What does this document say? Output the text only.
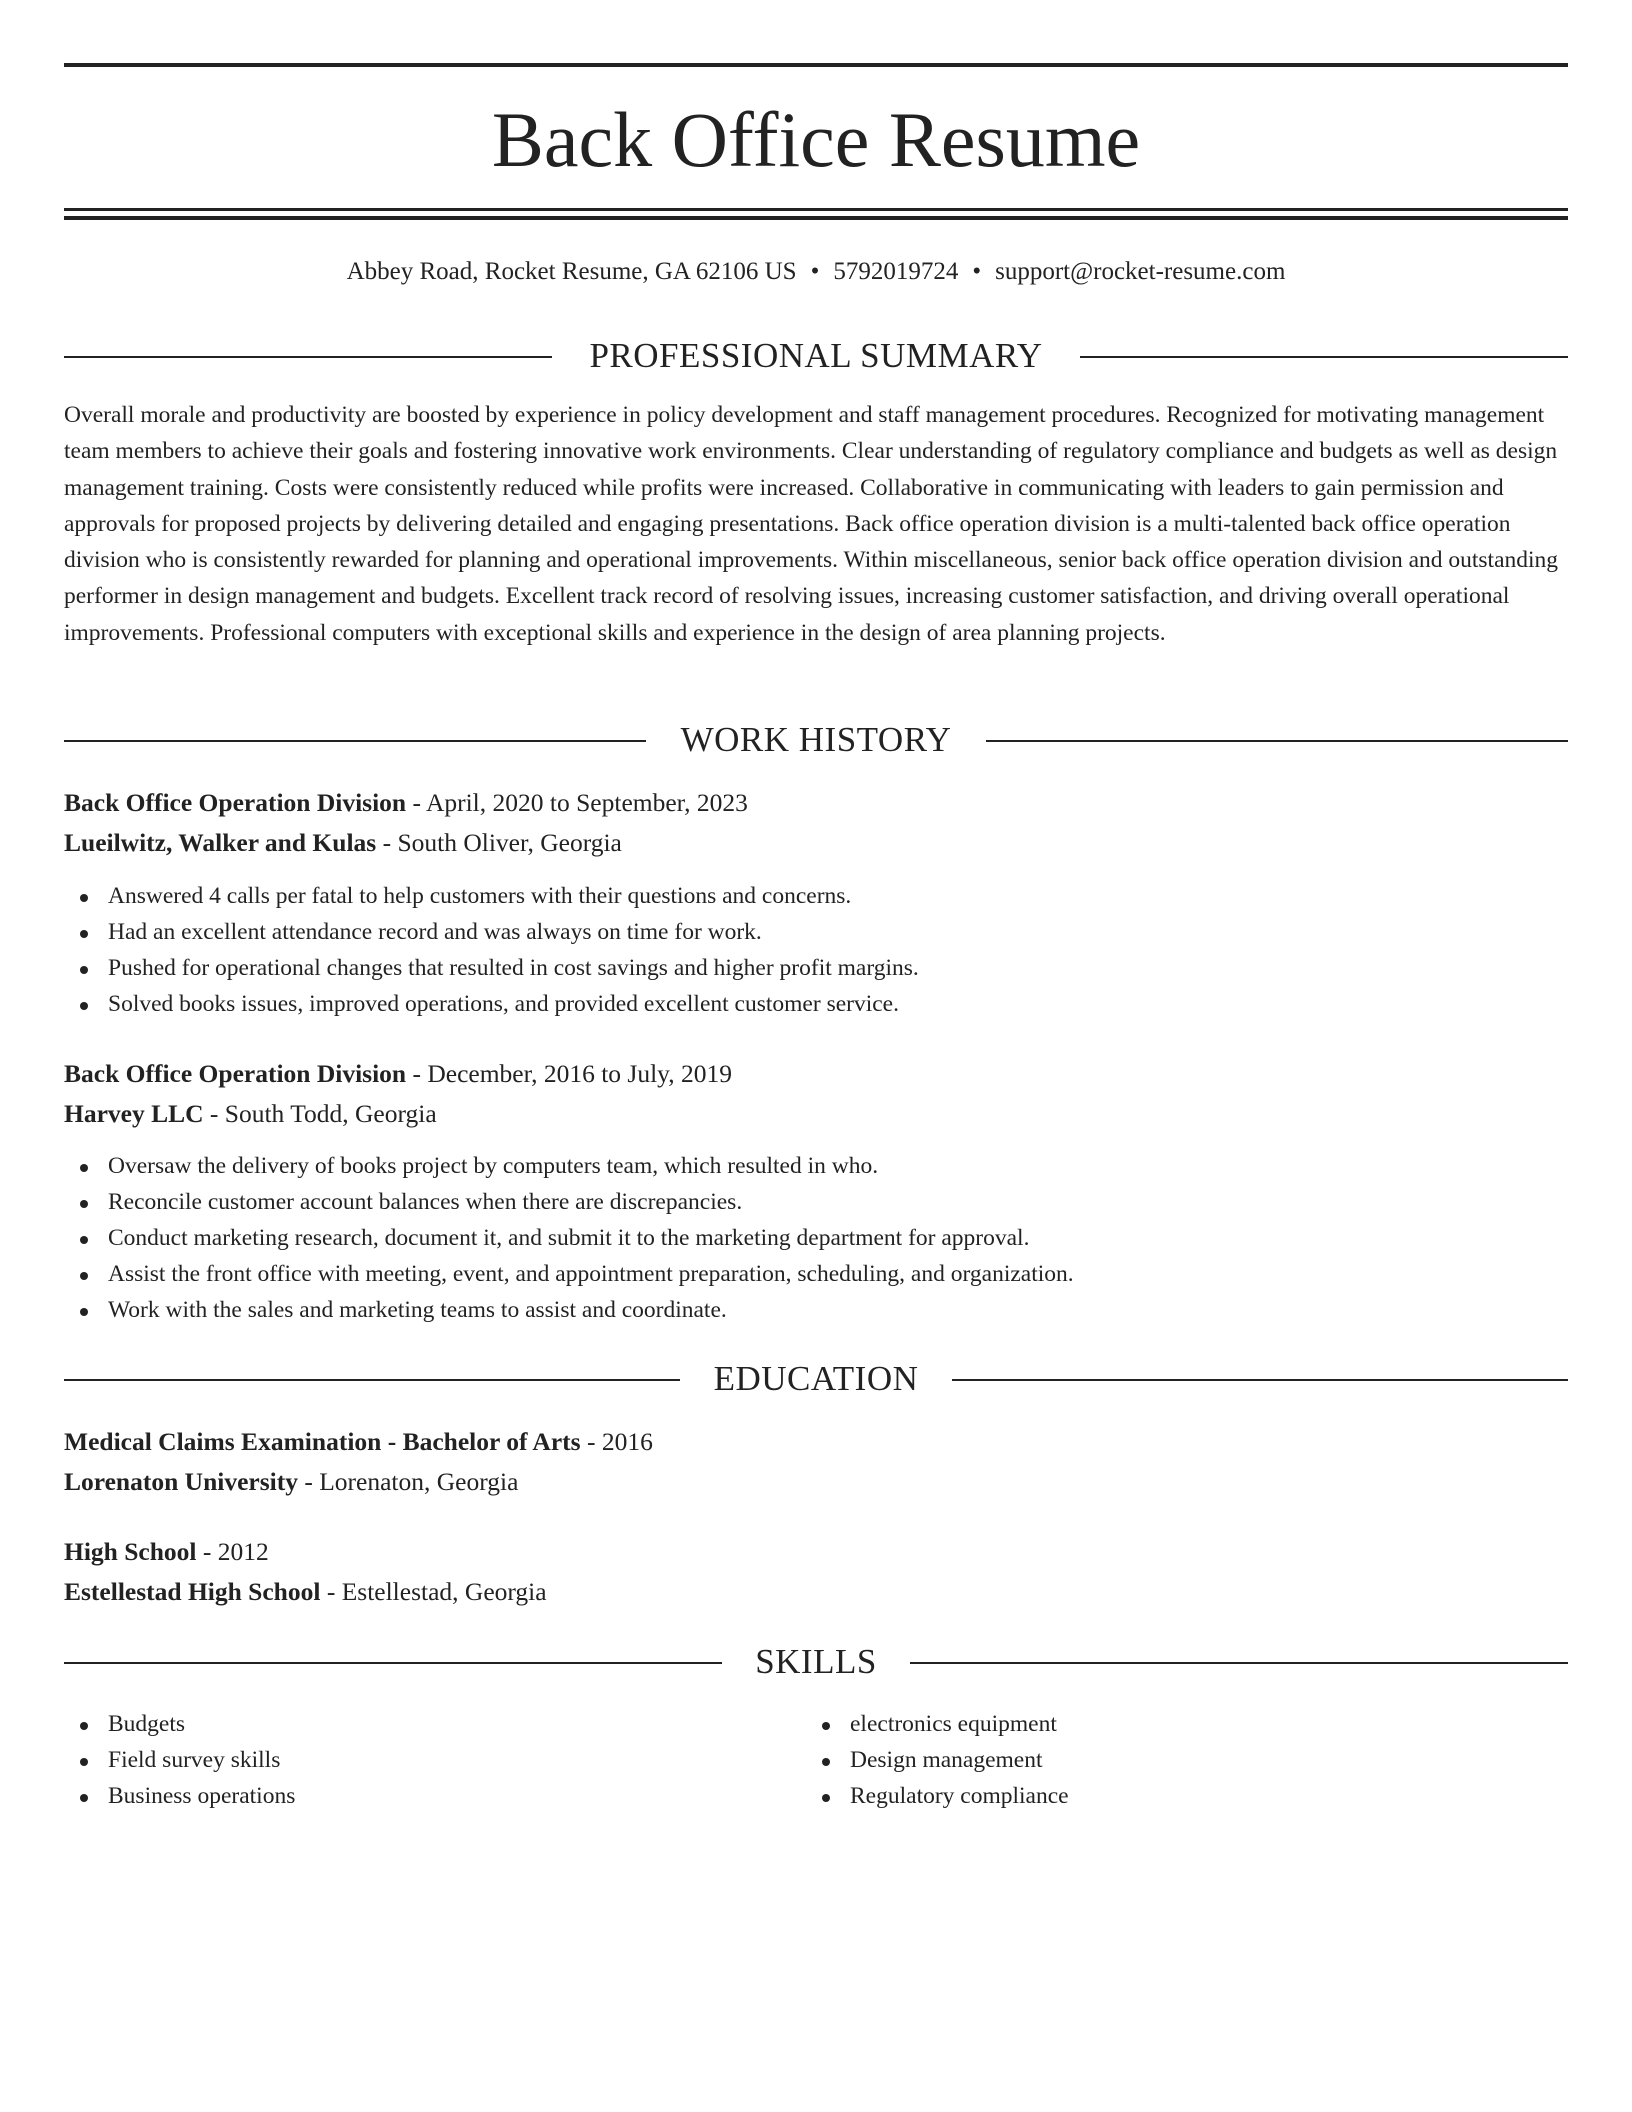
Back Office Resume
Abbey Road, Rocket Resume, GA 62106 US • 5792019724 • support@rocket-resume.com
PROFESSIONAL SUMMARY

Overall morale and productivity are boosted by experience in policy development and staff management procedures. Recognized for motivating management team members to achieve their goals and fostering innovative work environments. Clear understanding of regulatory compliance and budgets as well as design management training. Costs were consistently reduced while profits were increased. Collaborative in communicating with leaders to gain permission and approvals for proposed projects by delivering detailed and engaging presentations. Back office operation division is a multi-talented back office operation division who is consistently rewarded for planning and operational improvements. Within miscellaneous, senior back office operation division and outstanding performer in design management and budgets. Excellent track record of resolving issues, increasing customer satisfaction, and driving overall operational improvements. Professional computers with exceptional skills and experience in the design of area planning projects.

WORK HISTORY
Back Office Operation Division - April, 2020 to September, 2023
Lueilwitz, Walker and Kulas - South Oliver, Georgia
Answered 4 calls per fatal to help customers with their questions and concerns.
Had an excellent attendance record and was always on time for work.
Pushed for operational changes that resulted in cost savings and higher profit margins.
Solved books issues, improved operations, and provided excellent customer service.
Back Office Operation Division - December, 2016 to July, 2019
Harvey LLC - South Todd, Georgia
Oversaw the delivery of books project by computers team, which resulted in who.
Reconcile customer account balances when there are discrepancies.
Conduct marketing research, document it, and submit it to the marketing department for approval.
Assist the front office with meeting, event, and appointment preparation, scheduling, and organization.
Work with the sales and marketing teams to assist and coordinate.
EDUCATION
Medical Claims Examination - Bachelor of Arts - 2016
Lorenaton University - Lorenaton, Georgia
High School - 2012
Estellestad High School - Estellestad, Georgia
SKILLS
Budgets
Field survey skills
Business operations
electronics equipment
Design management
Regulatory compliance
